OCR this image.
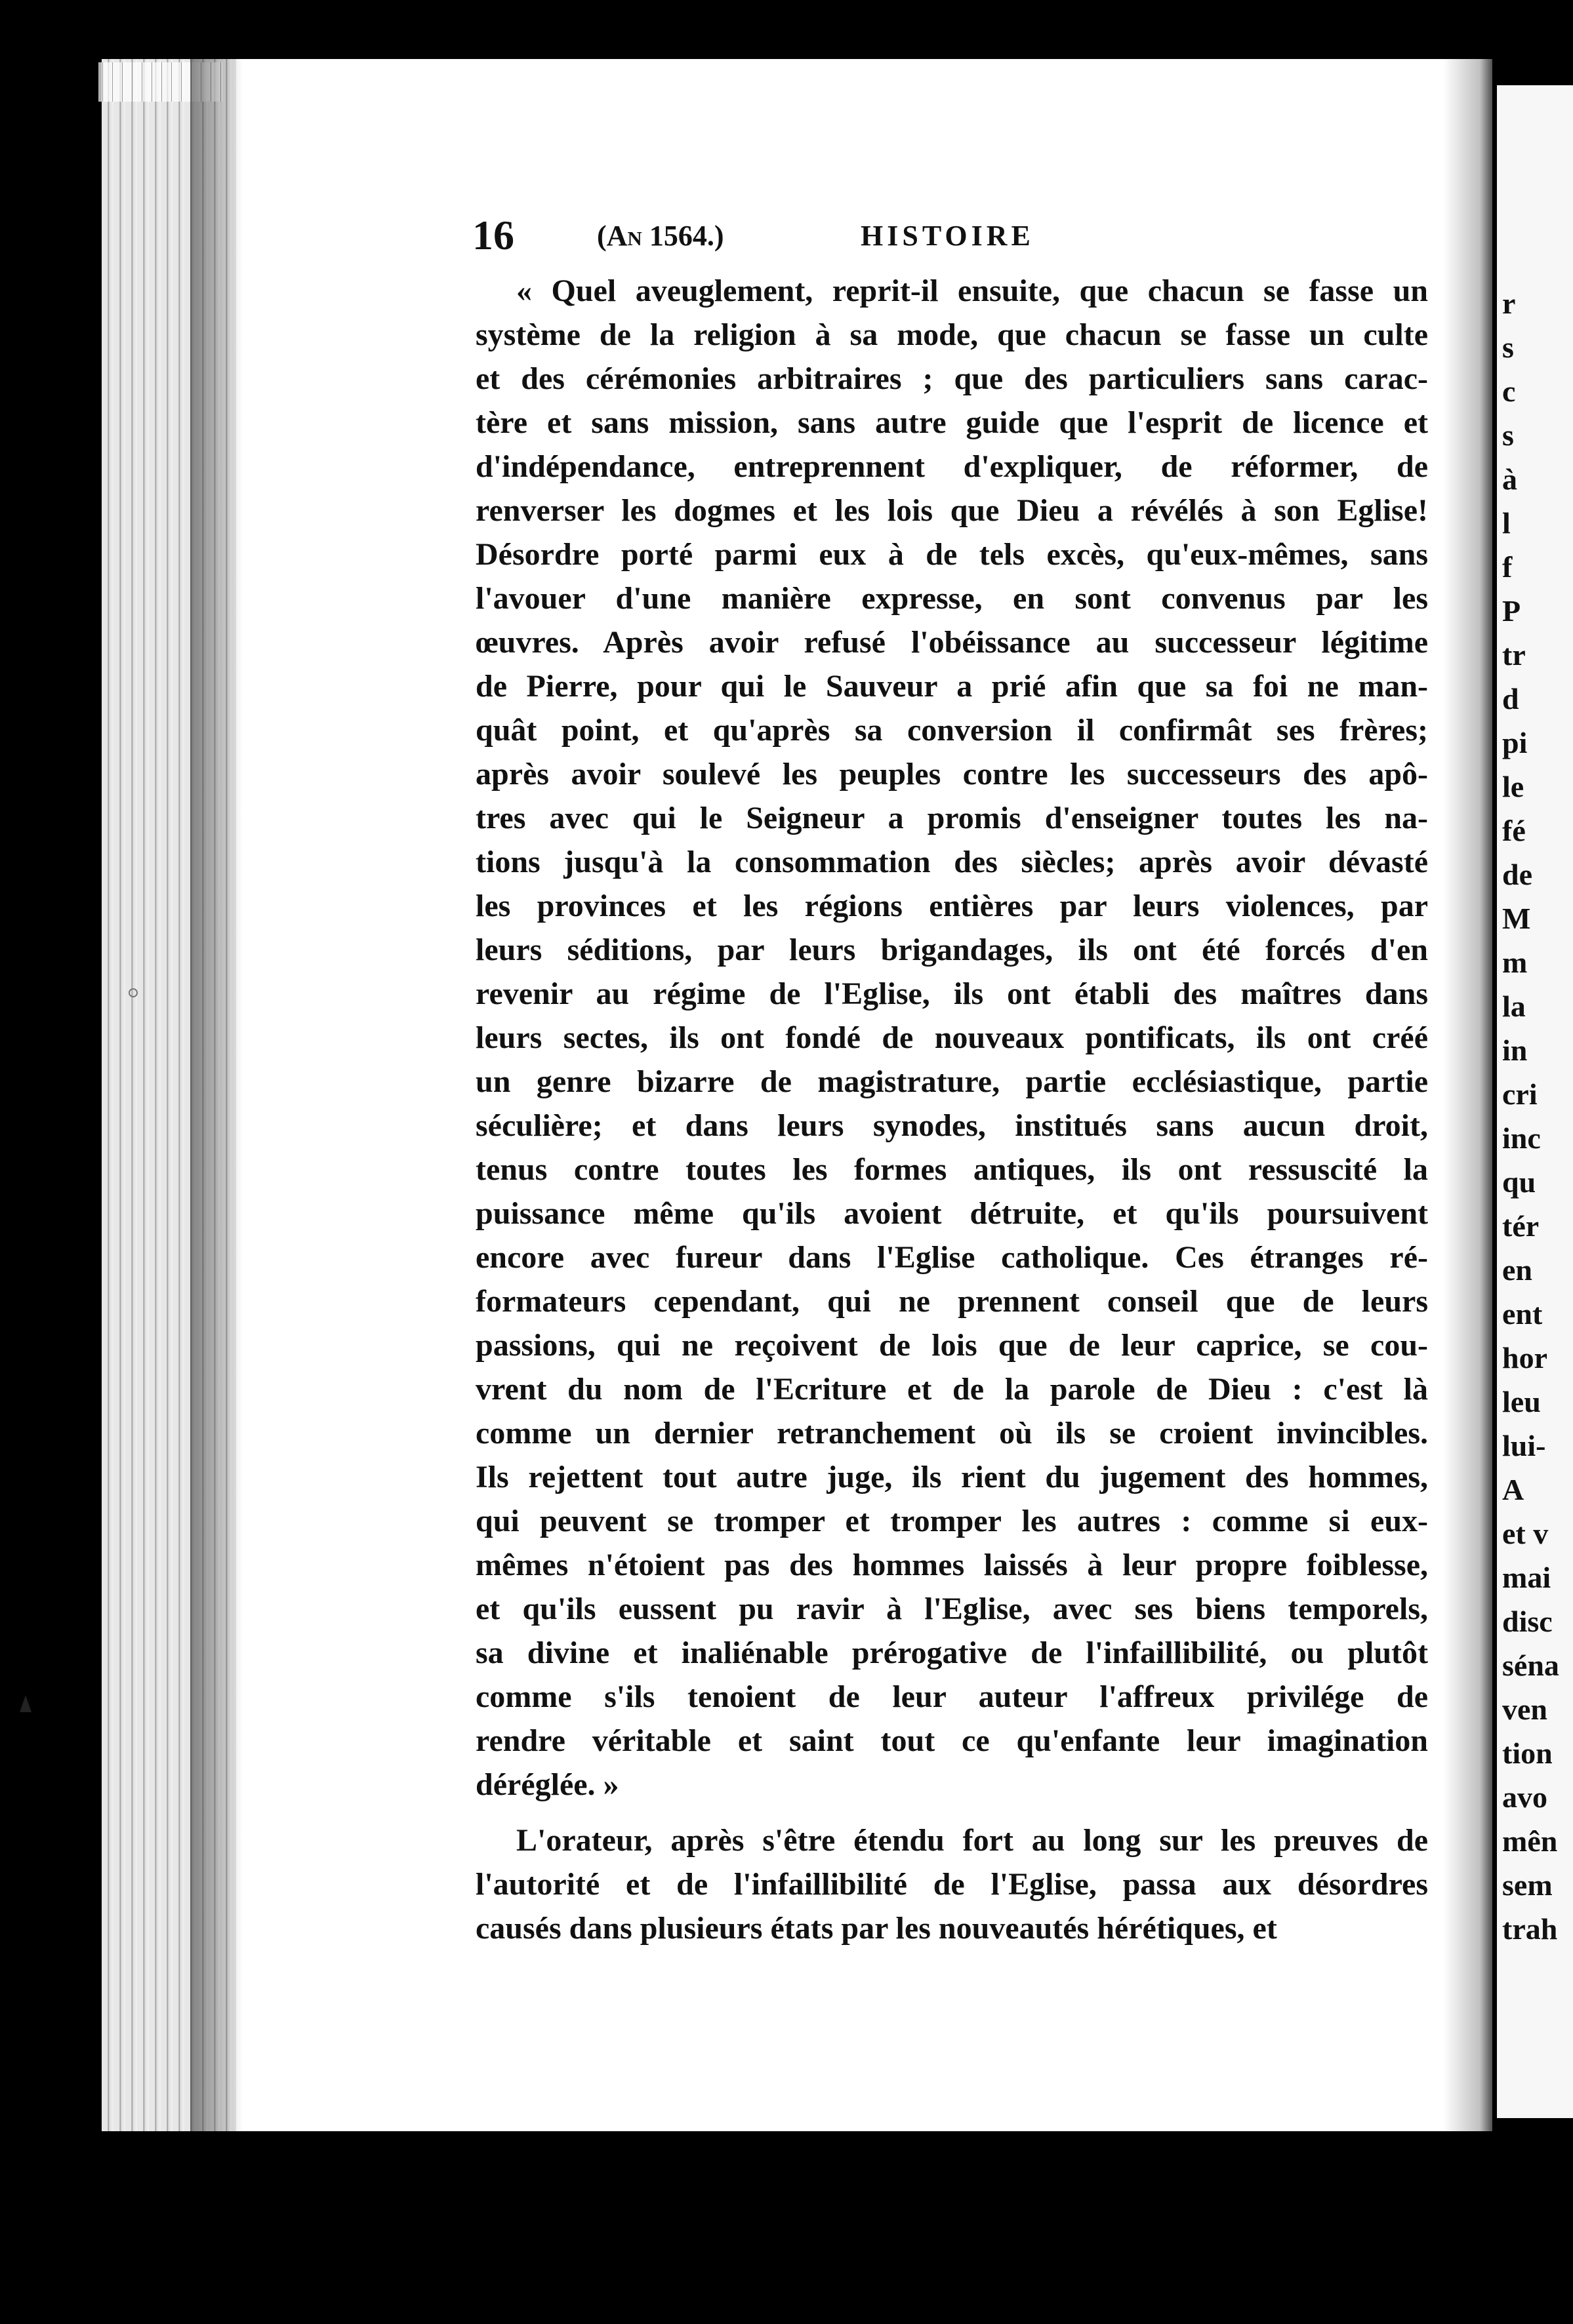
r
s
c
s
à
l
f
P
tr
d
pi
le
fé
de
M
m
la
in
cri
inc
qu
tér
en
ent
hor
leu
lui-
A
et v
mai
disc
séna
ven
tion
avo
mên
sem
trah
16	(An 1564.)	HISTOIRE
« Quel aveuglement, reprit-il ensuite, que chacun se fasse un
système de la religion à sa mode, que chacun se fasse un culte
et des cérémonies arbitraires ; que des particuliers sans carac-
tère et sans mission, sans autre guide que l'esprit de licence et
d'indépendance, entreprennent d'expliquer, de réformer, de
renverser les dogmes et les lois que Dieu a révélés à son Eglise!
Désordre porté parmi eux à de tels excès, qu'eux-mêmes, sans
l'avouer d'une manière expresse, en sont convenus par les
œuvres. Après avoir refusé l'obéissance au successeur légitime
de Pierre, pour qui le Sauveur a prié afin que sa foi ne man-
quât point, et qu'après sa conversion il confirmât ses frères;
après avoir soulevé les peuples contre les successeurs des apô-
tres avec qui le Seigneur a promis d'enseigner toutes les na-
tions jusqu'à la consommation des siècles; après avoir dévasté
les provinces et les régions entières par leurs violences, par
leurs séditions, par leurs brigandages, ils ont été forcés d'en
revenir au régime de l'Eglise, ils ont établi des maîtres dans
leurs sectes, ils ont fondé de nouveaux pontificats, ils ont créé
un genre bizarre de magistrature, partie ecclésiastique, partie
séculière; et dans leurs synodes, institués sans aucun droit,
tenus contre toutes les formes antiques, ils ont ressuscité la
puissance même qu'ils avoient détruite, et qu'ils poursuivent
encore avec fureur dans l'Eglise catholique. Ces étranges ré-
formateurs cependant, qui ne prennent conseil que de leurs
passions, qui ne reçoivent de lois que de leur caprice, se cou-
vrent du nom de l'Ecriture et de la parole de Dieu : c'est là
comme un dernier retranchement où ils se croient invincibles.
Ils rejettent tout autre juge, ils rient du jugement des hommes,
qui peuvent se tromper et tromper les autres : comme si eux-
mêmes n'étoient pas des hommes laissés à leur propre foiblesse,
et qu'ils eussent pu ravir à l'Eglise, avec ses biens temporels,
sa divine et inaliénable prérogative de l'infaillibilité, ou plutôt
comme s'ils tenoient de leur auteur l'affreux privilége de
rendre véritable et saint tout ce qu'enfante leur imagination
déréglée. »
L'orateur, après s'être étendu fort au long sur les preuves de
l'autorité et de l'infaillibilité de l'Eglise, passa aux désordres
causés dans plusieurs états par les nouveautés hérétiques, et
